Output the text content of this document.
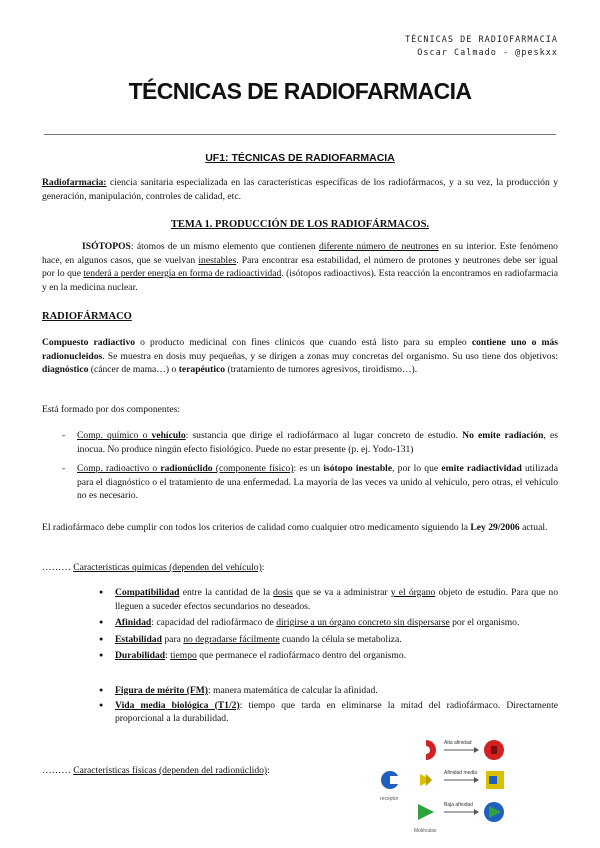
TÉCNICAS DE RADIOFARMACIA
Oscar Calmado - @peskxx
TÉCNICAS DE RADIOFARMACIA
UF1: TÉCNICAS DE RADIOFARMACIA
Radiofarmacia: ciencia sanitaria especializada en las características específicas de los radiofármacos, y a su vez, la producción y generación, manipulación, controles de calidad, etc.
TEMA 1. PRODUCCIÓN DE LOS RADIOFÁRMACOS.
ISÓTOPOS: átomos de un mismo elemento que contienen diferente número de neutrones en su interior. Este fenómeno hace, en algunos casos, que se vuelvan inestables. Para encontrar esa estabilidad, el número de protones y neutrones debe ser igual por lo que tenderá a perder energía en forma de radioactividad. (isótopos radioactivos). Esta reacción la encontramos en radiofarmacia y en la medicina nuclear.
RADIOFÁRMACO
Compuesto radiactivo o producto medicinal con fines clínicos que cuando está listo para su empleo contiene uno o más radionucleidos. Se muestra en dosis muy pequeñas, y se dirigen a zonas muy concretas del organismo. Su uso tiene dos objetivos: diagnóstico (cáncer de mama…) o terapéutico (tratamiento de tumores agresivos, tiroidismo…).
Está formado por dos componentes:
- Comp. químico o vehículo: sustancia que dirige el radiofármaco al lugar concreto de estudio. No emite radiación, es inocua. No produce ningún efecto fisiológico. Puede no estar presente (p. ej. Yodo-131)
- Comp. radioactivo o radionúclido (componente físico): es un isótopo inestable, por lo que emite radiactividad utilizada para el diagnóstico o el tratamiento de una enfermedad. La mayoría de las veces va unido al vehículo, pero otras, el vehículo no es necesario.
El radiofármaco debe cumplir con todos los criterios de calidad como cualquier otro medicamento siguiendo la Ley 29/2006 actual.
……… Características químicas (dependen del vehículo):
● Compatibilidad entre la cantidad de la dosis que se va a administrar y el órgano objeto de estudio. Para que no lleguen a suceder efectos secundarios no deseados.
● Afinidad: capacidad del radiofármaco de dirigirse a un órgano concreto sin dispersarse por el organismo.
● Estabilidad para no degradarse fácilmente cuando la célula se metaboliza.
● Durabilidad: tiempo que permanece el radiofármaco dentro del organismo.
● Figura de mérito (FM): manera matemática de calcular la afinidad.
● Vida media biológica (T1/2): tiempo que tarda en eliminarse la mitad del radiofármaco. Directamente proporcional a la durabilidad.
……… Características físicas (dependen del radionúclido):
Alta afinidad
Afinidad media
receptor
Baja afinidad
Moléculas
